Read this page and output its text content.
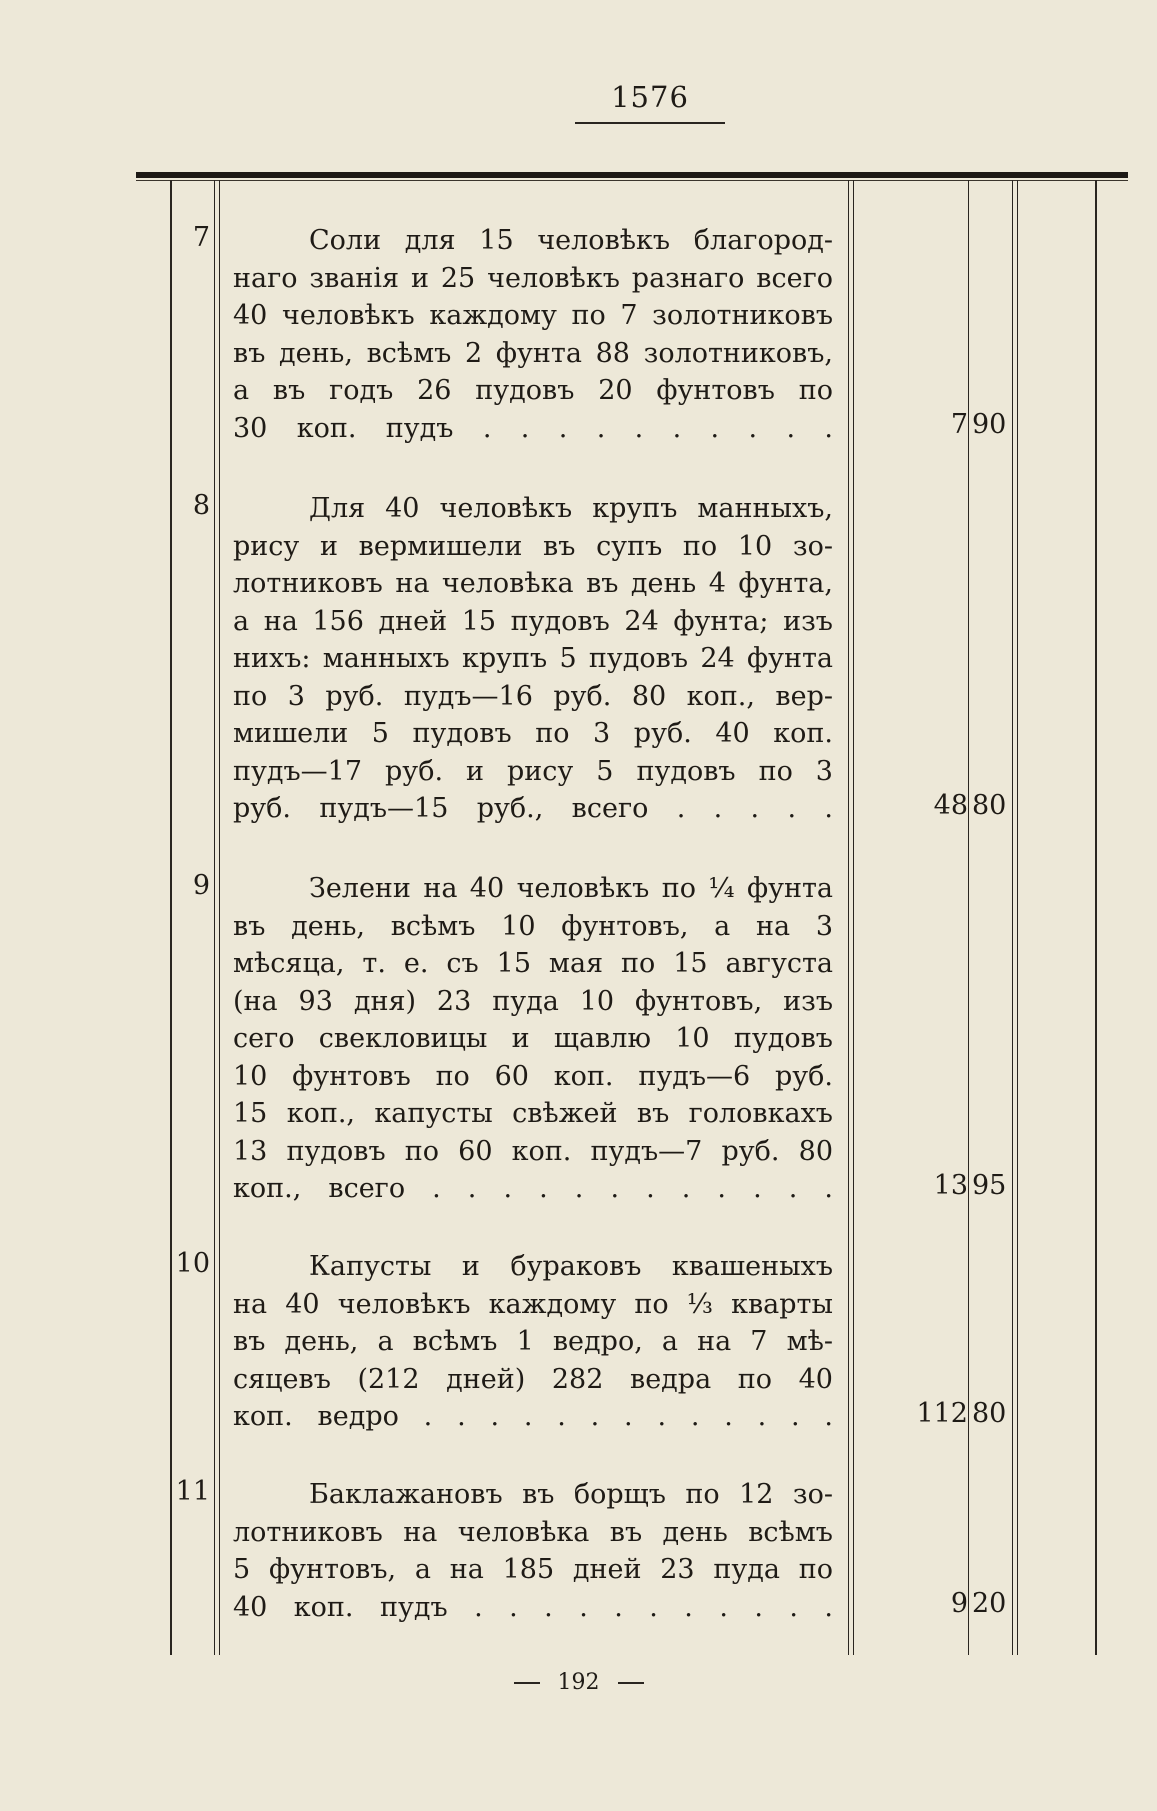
1576
7	Соли для 15 человѣкъ благород-
наго званія и 25 человѣкъ разнаго всего
40 человѣкъ каждому по 7 золотниковъ
въ день, всѣмъ 2 фунта 88 золотниковъ,
а въ годъ 26 пудовъ 20 фунтовъ по
30 коп. пудъ . . . . . . . . . .	7 90
8	Для 40 человѣкъ крупъ манныхъ,
рису и вермишели въ супъ по 10 зо-
лотниковъ на человѣка въ день 4 фунта,
а на 156 дней 15 пудовъ 24 фунта; изъ
нихъ: манныхъ крупъ 5 пудовъ 24 фунта
по 3 руб. пудъ—16 руб. 80 коп., вер-
мишели 5 пудовъ по 3 руб. 40 коп.
пудъ—17 руб. и рису 5 пудовъ по 3
руб. пудъ—15 руб., всего . . . . .	48 80
9	Зелени на 40 человѣкъ по ¼ фунта
въ день, всѣмъ 10 фунтовъ, а на 3
мѣсяца, т. е. съ 15 мая по 15 августа
(на 93 дня) 23 пуда 10 фунтовъ, изъ
сего свекловицы и щавлю 10 пудовъ
10 фунтовъ по 60 коп. пудъ—6 руб.
15 коп., капусты свѣжей въ головкахъ
13 пудовъ по 60 коп. пудъ—7 руб. 80
коп., всего . . . . . . . . . . . .	13 95
10	Капусты и бураковъ квашеныхъ
на 40 человѣкъ каждому по ⅓ кварты
въ день, а всѣмъ 1 ведро, а на 7 мѣ-
сяцевъ (212 дней) 282 ведра по 40
коп. ведро . . . . . . . . . . . . .	112 80
11	Баклажановъ въ борщъ по 12 зо-
лотниковъ на человѣка въ день всѣмъ
5 фунтовъ, а на 185 дней 23 пуда по
40 коп. пудъ . . . . . . . . . . .	9 20
192
